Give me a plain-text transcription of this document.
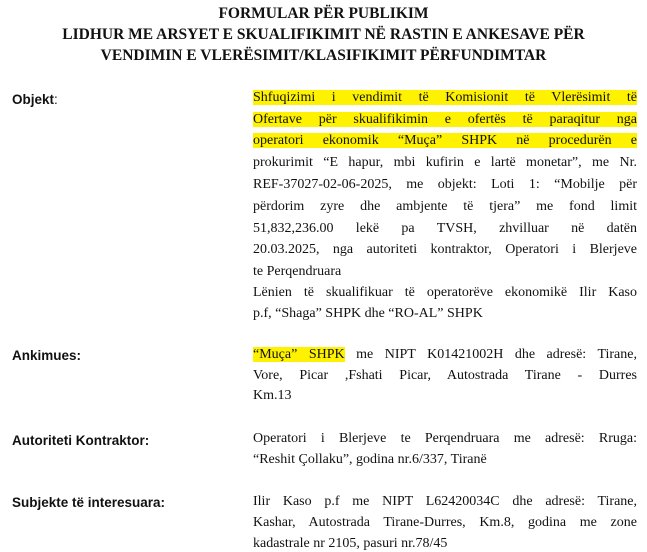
FORMULAR PËR PUBLIKIM
LIDHUR ME ARSYET E SKUALIFIKIMIT NË RASTIN E ANKESAVE PËR
VENDIMIN E VLERËSIMIT/KLASIFIKIMIT PËRFUNDIMTAR
Objekt:	Shfuqizimi i vendimit të Komisionit të Vlerësimit të
Ofertave për skualifikimin e ofertës të paraqitur nga
operatori ekonomik “Muça” SHPK në procedurën e
prokurimit “E hapur, mbi kufirin e lartë monetar”, me Nr.
REF-37027-02-06-2025, me objekt: Loti 1: “Mobilje për
përdorim zyre dhe ambjente të tjera” me fond limit
51,832,236.00 lekë pa TVSH, zhvilluar në datën
20.03.2025, nga autoriteti kontraktor, Operatori i Blerjeve
te Perqendruara
Lënien të skualifikuar të operatorëve ekonomikë Ilir Kaso
p.f, “Shaga” SHPK dhe “RO-AL” SHPK
Ankimues:	“Muça” SHPK me NIPT K01421002H dhe adresë: Tirane,
Vore, Picar ,Fshati Picar, Autostrada Tirane - Durres
Km.13
Autoriteti Kontraktor:	Operatori i Blerjeve te Perqendruara me adresë: Rruga:
“Reshit Çollaku”, godina nr.6/337, Tiranë
Subjekte të interesuara:	Ilir Kaso p.f me NIPT L62420034C dhe adresë: Tirane,
Kashar, Autostrada Tirane-Durres, Km.8, godina me zone
kadastrale nr 2105, pasuri nr.78/45
